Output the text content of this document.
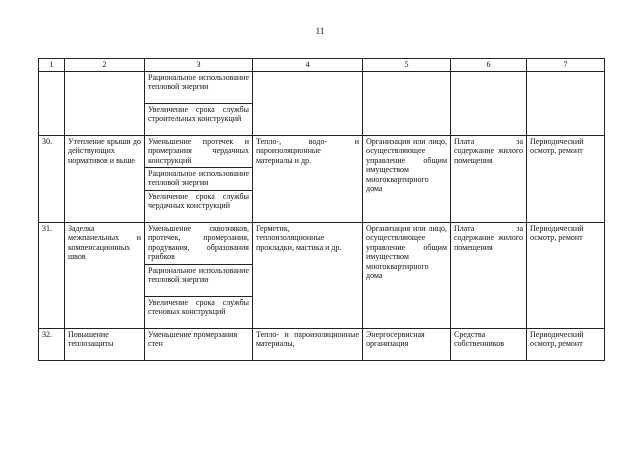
11
1	2	3	4	5	6	7
		Рациональное использование тепловой энергии				
		Увеличение срока службы строительных конструкций				
30.	Утепление крыши до действующих нормативов и выше	Уменьшение протечек и промерзания чердачных конструкций	Тепло-, водо- и пароизоляционные материалы и др.	Организация или лицо, осуществляющее управление общим имуществом многоквартирного дома	Плата за содержание жилого помещения	Периодический осмотр, ремонт
		Рациональное использование тепловой энергии				
		Увеличение срока службы чердачных конструкций				
31.	Заделка межпанельных и компенсационных швов	Уменьшение сквозняков, протечек, промерзания, продувания, образования грибков	Герметик, теплоизоляционные прокладки, мастика и др.	Организация или лицо, осуществляющее управление общим имуществом многоквартирного дома	Плата за содержание жилого помещения	Периодический осмотр, ремонт
		Рациональное использование тепловой энергии				
		Увеличение срока службы стеновых конструкций				
32.	Повышение теплозащиты	Уменьшение промерзания стен	Тепло- и пароизоляционные материалы,	Энергосервисная организация	Средства собственников	Периодический осмотр, ремонт
